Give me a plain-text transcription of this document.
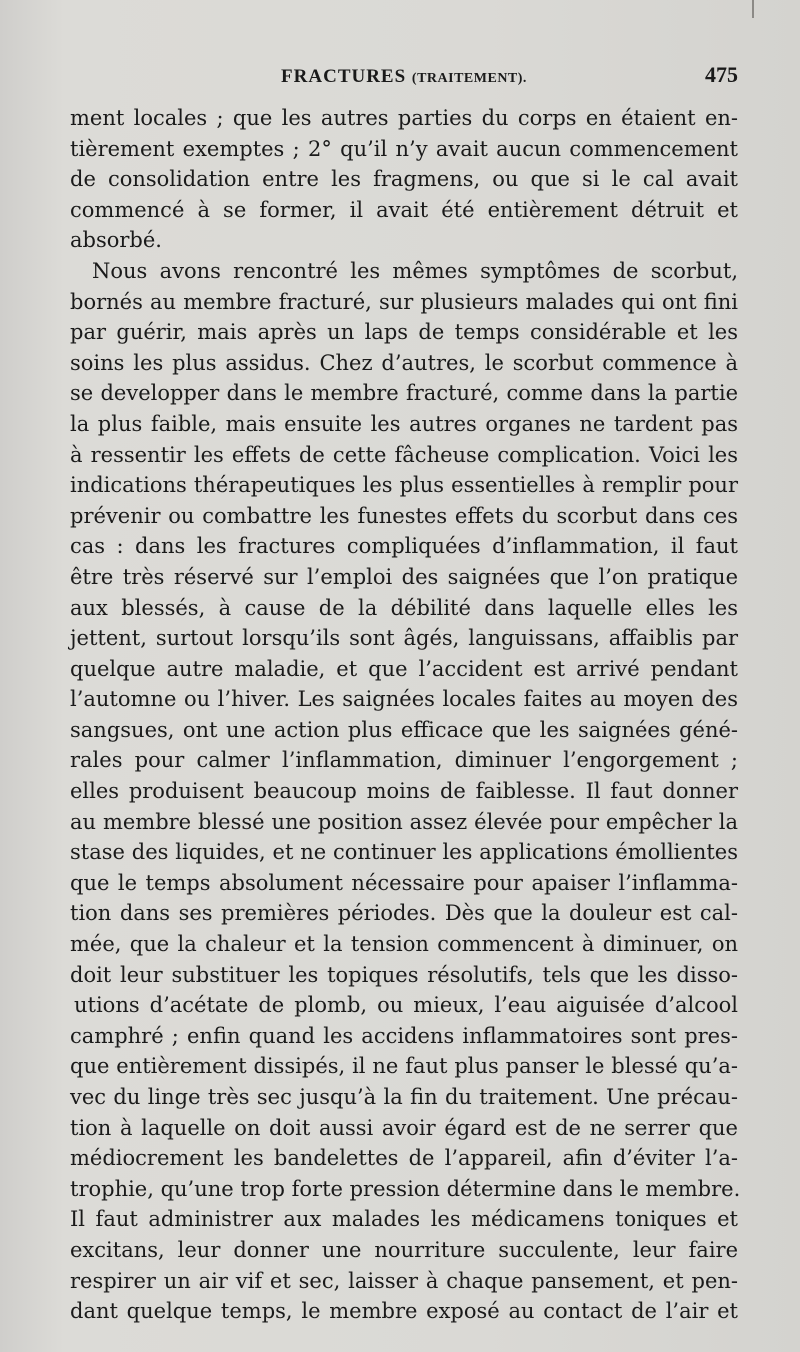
FRACTURES (TRAITEMENT).	475
ment locales ; que les autres parties du corps en étaient en-
tièrement exemptes ; 2° qu’il n’y avait aucun commencement
de consolidation entre les fragmens, ou que si le cal avait
commencé à se former, il avait été entièrement détruit et
absorbé.
Nous avons rencontré les mêmes symptômes de scorbut,
bornés au membre fracturé, sur plusieurs malades qui ont fini
par guérir, mais après un laps de temps considérable et les
soins les plus assidus. Chez d’autres, le scorbut commence à
se developper dans le membre fracturé, comme dans la partie
la plus faible, mais ensuite les autres organes ne tardent pas
à ressentir les effets de cette fâcheuse complication. Voici les
indications thérapeutiques les plus essentielles à remplir pour
prévenir ou combattre les funestes effets du scorbut dans ces
cas : dans les fractures compliquées d’inflammation, il faut
être très réservé sur l’emploi des saignées que l’on pratique
aux blessés, à cause de la débilité dans laquelle elles les
jettent, surtout lorsqu’ils sont âgés, languissans, affaiblis par
quelque autre maladie, et que l’accident est arrivé pendant
l’automne ou l’hiver. Les saignées locales faites au moyen des
sangsues, ont une action plus efficace que les saignées géné-
rales pour calmer l’inflammation, diminuer l’engorgement ;
elles produisent beaucoup moins de faiblesse. Il faut donner
au membre blessé une position assez élevée pour empêcher la
stase des liquides, et ne continuer les applications émollientes
que le temps absolument nécessaire pour apaiser l’inflamma-
tion dans ses premières périodes. Dès que la douleur est cal-
mée, que la chaleur et la tension commencent à diminuer, on
doit leur substituer les topiques résolutifs, tels que les disso-
utions d’acétate de plomb, ou mieux, l’eau aiguisée d’alcool
camphré ; enfin quand les accidens inflammatoires sont pres-
que entièrement dissipés, il ne faut plus panser le blessé qu’a-
vec du linge très sec jusqu’à la fin du traitement. Une précau-
tion à laquelle on doit aussi avoir égard est de ne serrer que
médiocrement les bandelettes de l’appareil, afin d’éviter l’a-
trophie, qu’une trop forte pression détermine dans le membre.
Il faut administrer aux malades les médicamens toniques et
excitans, leur donner une nourriture succulente, leur faire
respirer un air vif et sec, laisser à chaque pansement, et pen-
dant quelque temps, le membre exposé au contact de l’air et
